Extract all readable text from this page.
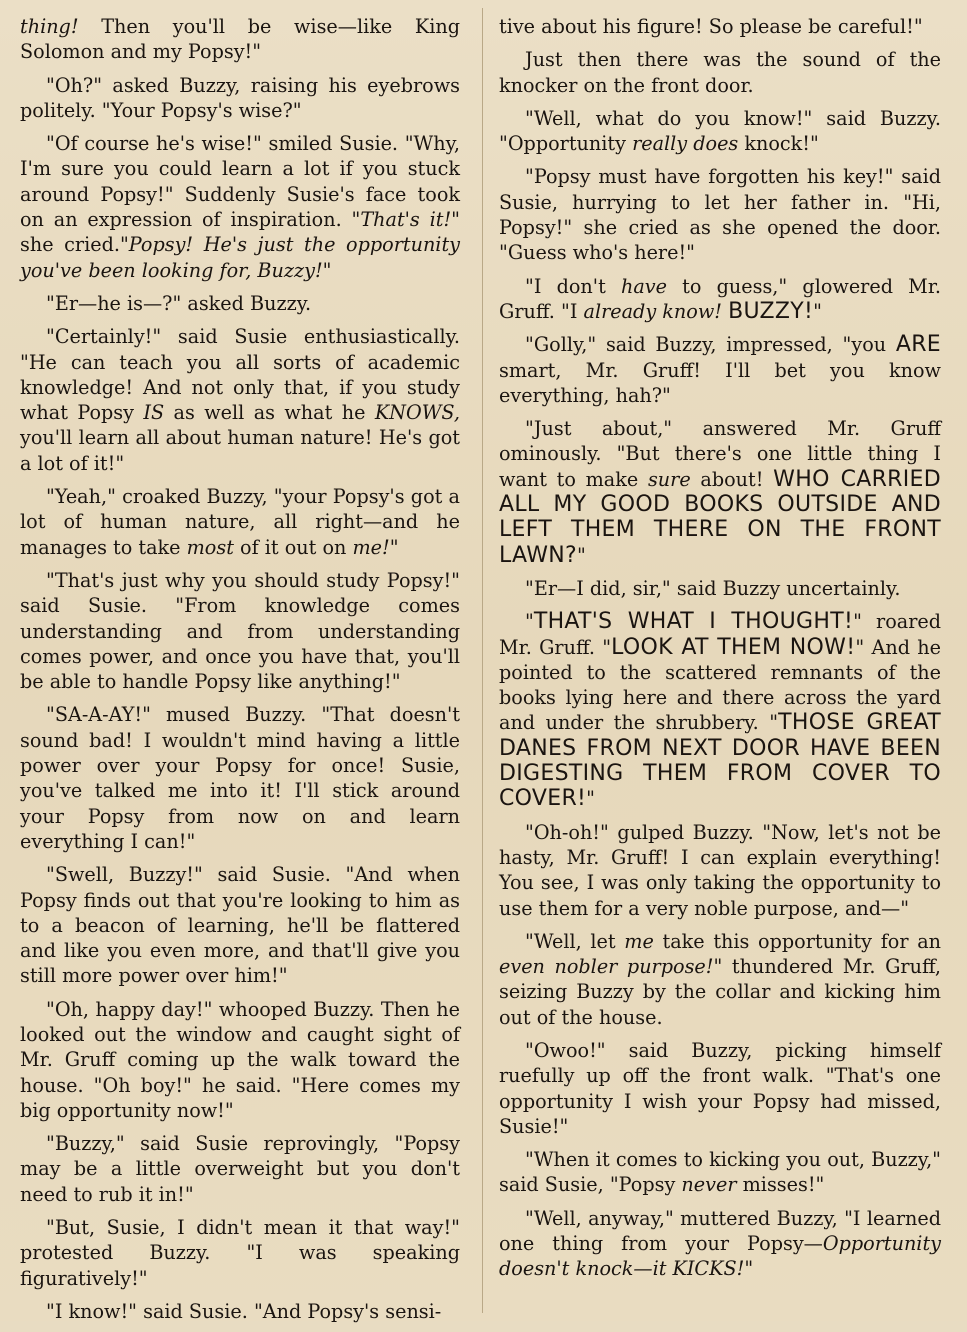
thing! Then you'll be wise—like King Solomon and my Popsy!"

"Oh?" asked Buzzy, raising his eyebrows politely. "Your Popsy's wise?"

"Of course he's wise!" smiled Susie. "Why, I'm sure you could learn a lot if you stuck around Popsy!" Suddenly Susie's face took on an expression of inspiration. "That's it!" she cried."Popsy! He's just the opportunity you've been looking for, Buzzy!"

"Er—he is—?" asked Buzzy.

"Certainly!" said Susie enthusiastically. "He can teach you all sorts of academic knowledge! And not only that, if you study what Popsy IS as well as what he KNOWS, you'll learn all about human nature! He's got a lot of it!"

"Yeah," croaked Buzzy, "your Popsy's got a lot of human nature, all right—and he manages to take most of it out on me!"

"That's just why you should study Popsy!" said Susie. "From knowledge comes understanding and from understanding comes power, and once you have that, you'll be able to handle Popsy like anything!"

"SA-A-AY!" mused Buzzy. "That doesn't sound bad! I wouldn't mind having a little power over your Popsy for once! Susie, you've talked me into it! I'll stick around your Popsy from now on and learn everything I can!"

"Swell, Buzzy!" said Susie. "And when Popsy finds out that you're looking to him as to a beacon of learning, he'll be flattered and like you even more, and that'll give you still more power over him!"

"Oh, happy day!" whooped Buzzy. Then he looked out the window and caught sight of Mr. Gruff coming up the walk toward the house. "Oh boy!" he said. "Here comes my big opportunity now!"

"Buzzy," said Susie reprovingly, "Popsy may be a little overweight but you don't need to rub it in!"

"But, Susie, I didn't mean it that way!" protested Buzzy. "I was speaking figuratively!"

"I know!" said Susie. "And Popsy's sensi-

tive about his figure! So please be careful!"

Just then there was the sound of the knocker on the front door.

"Well, what do you know!" said Buzzy. "Opportunity really does knock!"

"Popsy must have forgotten his key!" said Susie, hurrying to let her father in. "Hi, Popsy!" she cried as she opened the door. "Guess who's here!"

"I don't have to guess," glowered Mr. Gruff. "I already know! BUZZY!"

"Golly," said Buzzy, impressed, "you ARE smart, Mr. Gruff! I'll bet you know everything, hah?"

"Just about," answered Mr. Gruff ominously. "But there's one little thing I want to make sure about! WHO CARRIED ALL MY GOOD BOOKS OUTSIDE AND LEFT THEM THERE ON THE FRONT LAWN?"

"Er—I did, sir," said Buzzy uncertainly.

"THAT'S WHAT I THOUGHT!" roared Mr. Gruff. "LOOK AT THEM NOW!" And he pointed to the scattered remnants of the books lying here and there across the yard and under the shrubbery. "THOSE GREAT DANES FROM NEXT DOOR HAVE BEEN DIGESTING THEM FROM COVER TO COVER!"

"Oh-oh!" gulped Buzzy. "Now, let's not be hasty, Mr. Gruff! I can explain everything! You see, I was only taking the opportunity to use them for a very noble purpose, and—"

"Well, let me take this opportunity for an even nobler purpose!" thundered Mr. Gruff, seizing Buzzy by the collar and kicking him out of the house.

"Owoo!" said Buzzy, picking himself ruefully up off the front walk. "That's one opportunity I wish your Popsy had missed, Susie!"

"When it comes to kicking you out, Buzzy," said Susie, "Popsy never misses!"

"Well, anyway," muttered Buzzy, "I learned one thing from your Popsy—Opportunity doesn't knock—it KICKS!"
